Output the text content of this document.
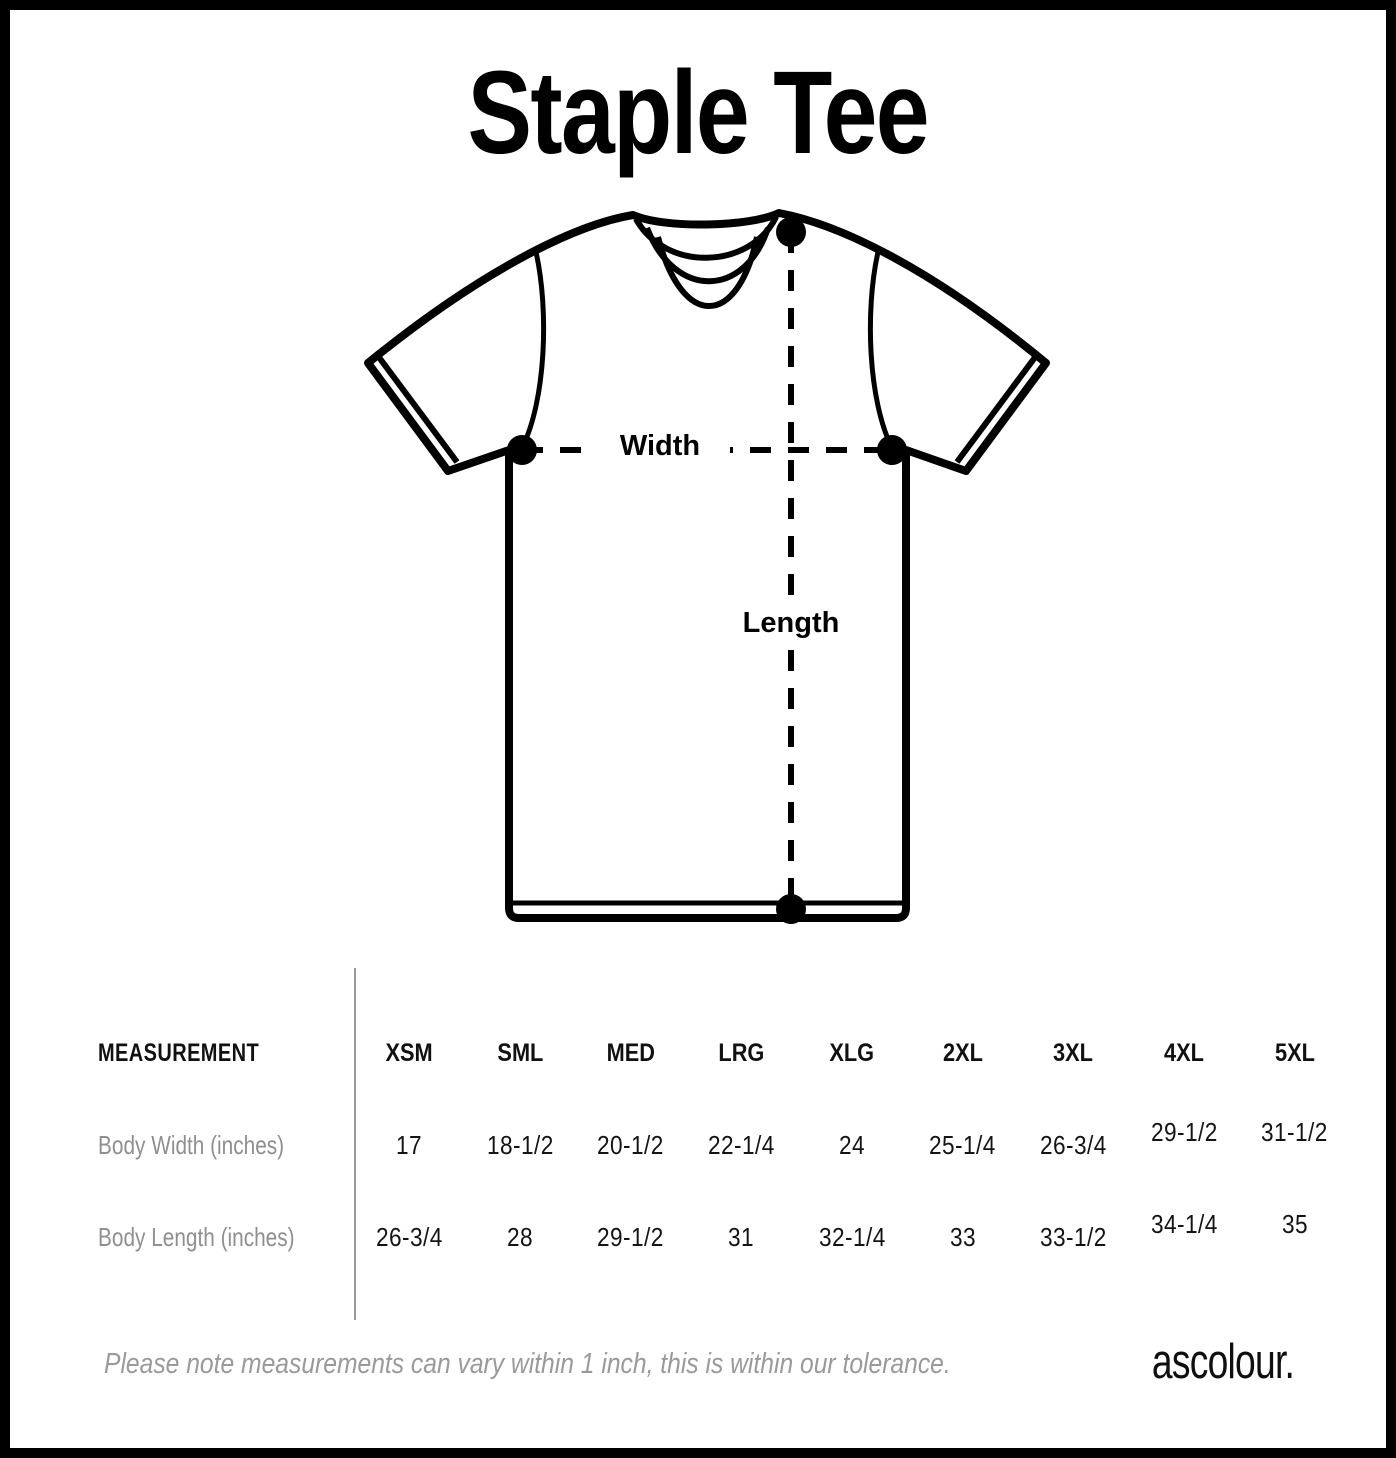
Staple Tee
Width
Length
MEASUREMENT	XSM	SML	MED	LRG	XLG	2XL	3XL	4XL	5XL
Body Width (inches)	17	18-1/2	20-1/2	22-1/4	24	25-1/4	26-3/4	29-1/2	31-1/2
Body Length (inches)	26-3/4	28	29-1/2	31	32-1/4	33	33-1/2	34-1/4	35
Please note measurements can vary within 1 inch, this is within our tolerance.	ascolour.
